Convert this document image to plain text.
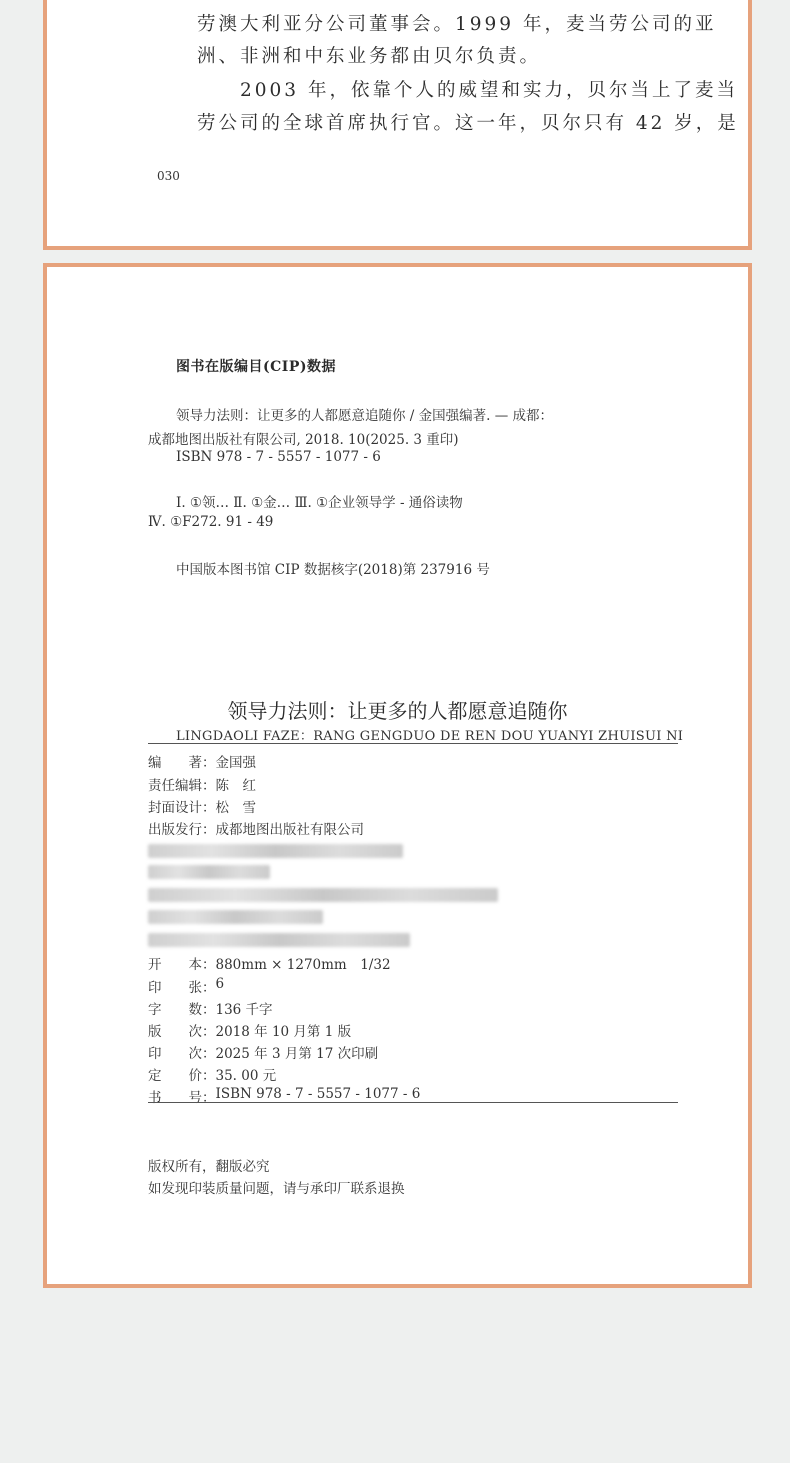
劳澳大利亚分公司董事会。1999 年，麦当劳公司的亚

洲、非洲和中东业务都由贝尔负责。

　　2003 年，依靠个人的威望和实力，贝尔当上了麦当

劳公司的全球首席执行官。这一年，贝尔只有 42 岁，是

030

图书在版编目(CIP)数据

领导力法则：让更多的人都愿意追随你 / 金国强编著. — 成都：

成都地图出版社有限公司, 2018. 10(2025. 3 重印)

ISBN 978 - 7 - 5557 - 1077 - 6

Ⅰ. ①领… Ⅱ. ①金… Ⅲ. ①企业领导学 - 通俗读物

Ⅳ. ①F272. 91 - 49

中国版本图书馆 CIP 数据核字(2018)第 237916 号

领导力法则：让更多的人都愿意追随你

LINGDAOLI FAZE：RANG GENGDUO DE REN DOU YUANYI ZHUISUI NI

编　　著： 金国强
责任编辑： 陈　红
封面设计： 松　雪
出版发行： 成都地图出版社有限公司
开　　本： 880mm × 1270mm　1/32
印　　张： 6
字　　数： 136 千字
版　　次： 2018 年 10 月第 1 版
印　　次： 2025 年 3 月第 17 次印刷
定　　价： 35. 00 元
书　　号： ISBN 978 - 7 - 5557 - 1077 - 6

版权所有，翻版必究

如发现印装质量问题，请与承印厂联系退换
